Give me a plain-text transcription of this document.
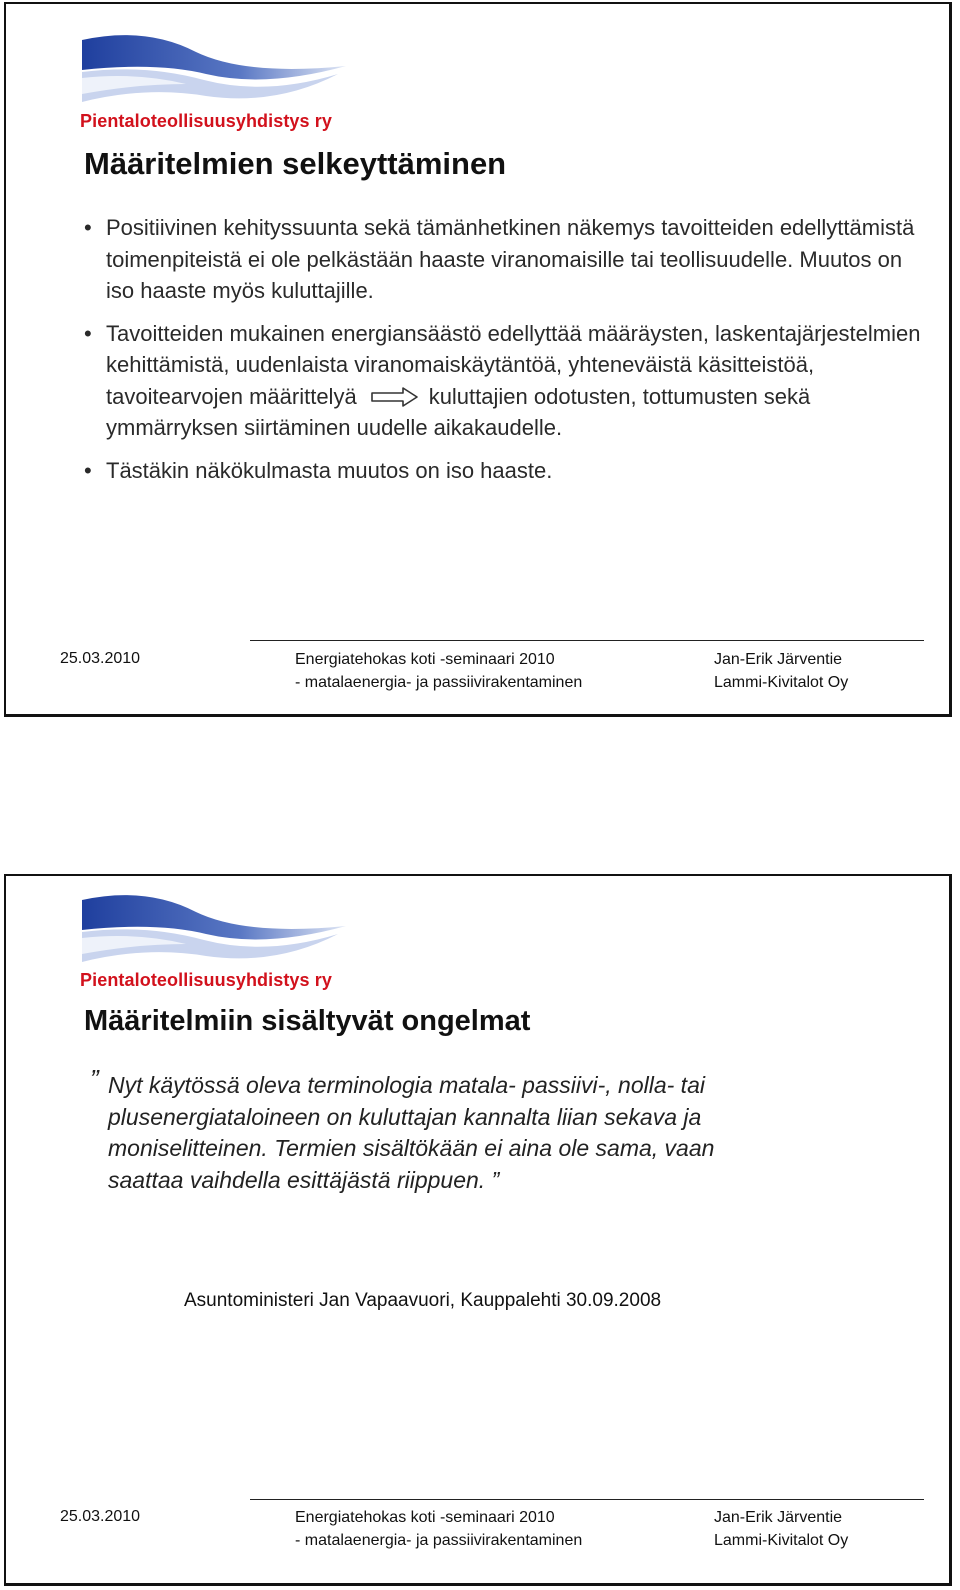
Pientaloteollisuusyhdistys ry
Määritelmien selkeyttäminen
• Positiivinen kehityssuunta sekä tämänhetkinen näkemys tavoitteiden edellyttämistä toimenpiteistä ei ole pelkästään haaste viranomaisille tai teollisuudelle. Muutos on iso haaste myös kuluttajille.
• Tavoitteiden mukainen energiansäästö edellyttää määräysten, laskentajärjestelmien kehittämistä, uudenlaista viranomaiskäytäntöä, yhteneväistä käsitteistöä, tavoitearvojen määrittelyä	kuluttajien odotusten, tottumusten sekä ymmärryksen siirtäminen uudelle aikakaudelle.
• Tästäkin näkökulmasta muutos on iso haaste.
25.03.2010	Energiatehokas koti -seminaari 2010
- matalaenergia- ja passiivirakentaminen
Jan-Erik Järventie
Lammi-Kivitalot Oy
Pientaloteollisuusyhdistys ry
Määritelmiin sisältyvät ongelmat
” Nyt käytössä oleva terminologia matala- passiivi-, nolla- tai plusenergiataloineen on kuluttajan kannalta liian sekava ja moniselitteinen. Termien sisältökään ei aina ole sama, vaan saattaa vaihdella esittäjästä riippuen. ”
Asuntoministeri Jan Vapaavuori, Kauppalehti 30.09.2008
25.03.2010	Energiatehokas koti -seminaari 2010
- matalaenergia- ja passiivirakentaminen
Jan-Erik Järventie
Lammi-Kivitalot Oy
